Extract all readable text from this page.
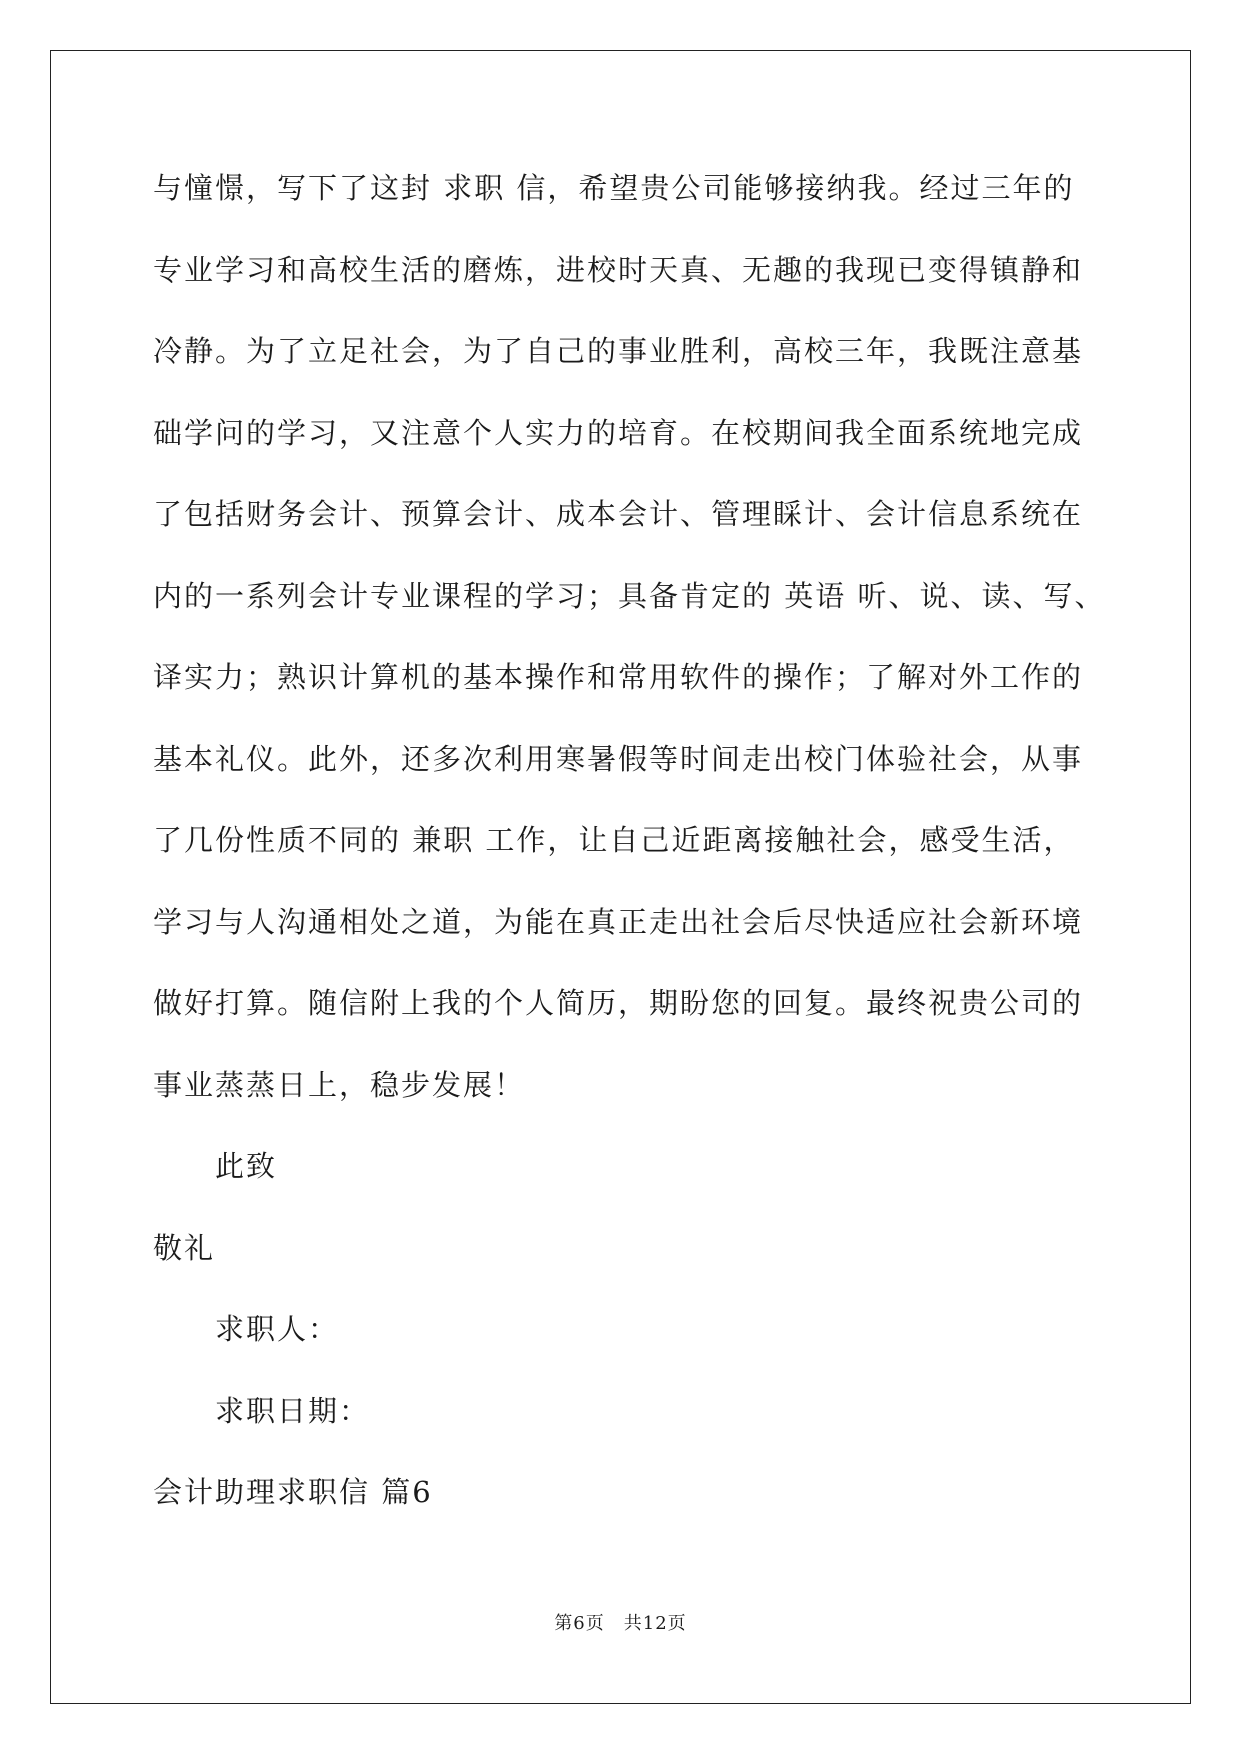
与憧憬，写下了这封 求职 信，希望贵公司能够接纳我。经过三年的

专业学习和高校生活的磨炼，进校时天真、无趣的我现已变得镇静和

冷静。为了立足社会，为了自己的事业胜利，高校三年，我既注意基

础学问的学习，又注意个人实力的培育。在校期间我全面系统地完成

了包括财务会计、预算会计、成本会计、管理睬计、会计信息系统在

内的一系列会计专业课程的学习；具备肯定的 英语 听、说、读、写、

译实力；熟识计算机的基本操作和常用软件的操作；了解对外工作的

基本礼仪。此外，还多次利用寒暑假等时间走出校门体验社会，从事

了几份性质不同的 兼职 工作，让自己近距离接触社会，感受生活，

学习与人沟通相处之道，为能在真正走出社会后尽快适应社会新环境

做好打算。随信附上我的个人简历，期盼您的回复。最终祝贵公司的

事业蒸蒸日上，稳步发展！

此致

敬礼

求职人：

求职日期：

会计助理求职信 篇6

第6页　共12页
